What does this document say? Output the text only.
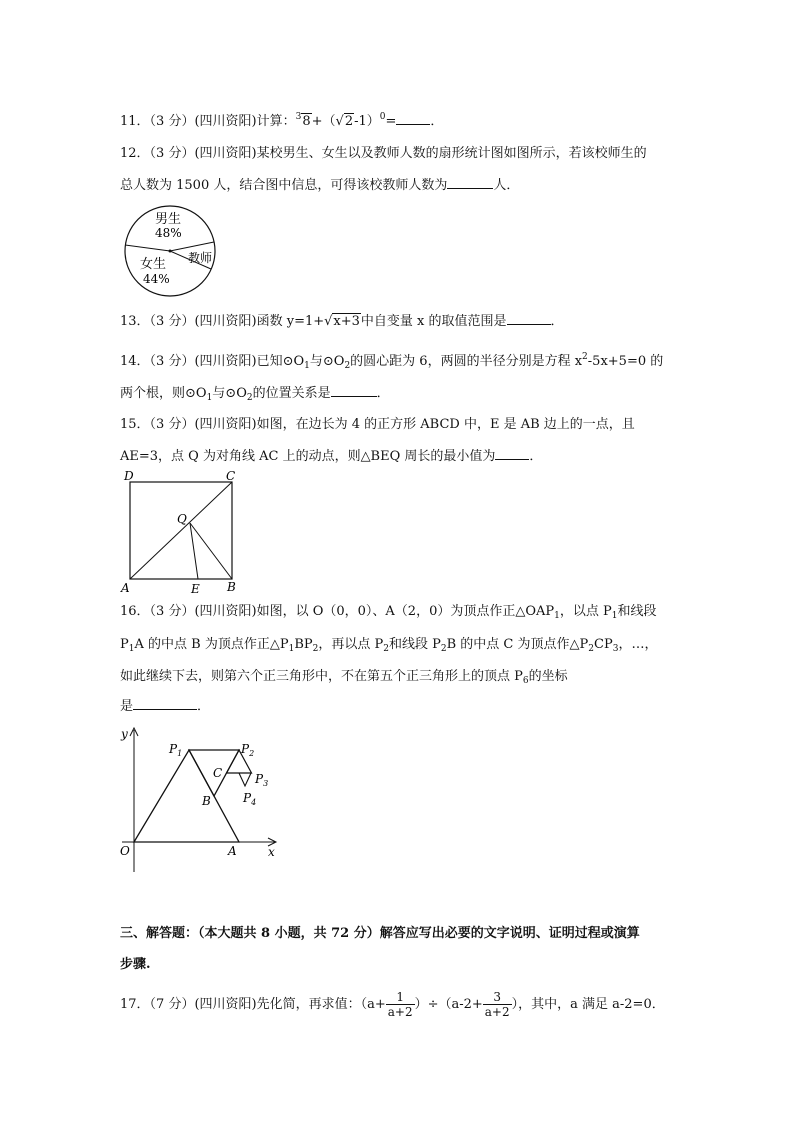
11．（3 分）(四川资阳)计算：$^38+(√2-1)^0=$	．
12．（3 分）(四川资阳)某校男生、女生以及教师人数的扇形统计图如图所示，若该校师生的
总人数为 1500 人，结合图中信息，可得该校教师人数为	人．
男生
48%
女生
44%
教师
13．（3 分）(四川资阳)函数 y=1+√x+3中自变量 x 的取值范围是	．
14．（3 分）(四川资阳)已知$⊙O_1$与$⊙O_2$的圆心距为 6，两圆的半径分别是方程 $x^2-5x+5=0$ 的
两个根，则$⊙O_1$与$⊙O_2$的位置关系是	．
15．（3 分）(四川资阳)如图，在边长为 4 的正方形 ABCD 中，E 是 AB 边上的一点，且
AE=3，点 Q 为对角线 AC 上的动点，则△BEQ 周长的最小值为	．
D	C
Q
A	E B
16．（3 分）(四川资阳)如图，以 O（0，0）、A（2，0）为顶点作正$\triangle OAP_1$，以点 $P_1$和线段
$P_1A$ 的中点 B 为顶点作正$\triangle P_1BP_2$，再以点 $P_2$和线段 $P_2B$ 的中点 C 为顶点作$\triangle P_2CP_3$，…，
如此继续下去，则第六个正三角形中，不在第五个正三角形上的顶点 $P_6$的坐标
是	．
y
x
O	A
B
C
$P_1$	$P_2$
$P_3$
$P_4$
三、解答题：（本大题共 8 小题，共 72 分）解答应写出必要的文字说明、证明过程或演算
步骤.
17．（7 分）(四川资阳)先化简，再求值：$(a+ \frac{1}{a+2} )\div(a-2+ \frac{3}{a+2}$ ），其中，a 满足 a-2=0．
